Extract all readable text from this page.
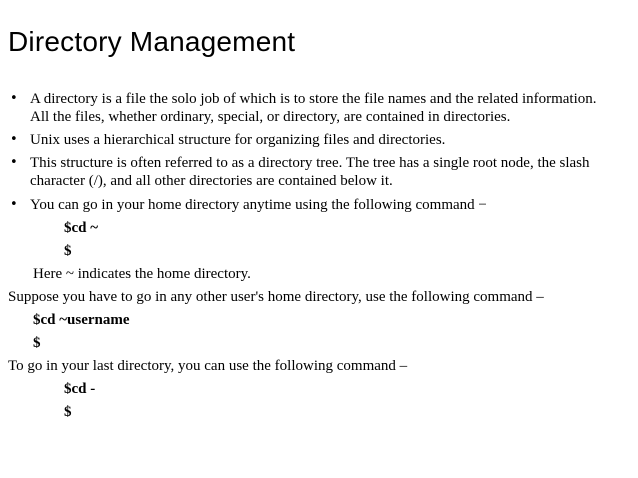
Directory Management
• A directory is a file the solo job of which is to store the file names and the related information.
All the files, whether ordinary, special, or directory, are contained in directories.
• Unix uses a hierarchical structure for organizing files and directories.
• This structure is often referred to as a directory tree. The tree has a single root node, the slash
character (/), and all other directories are contained below it.
• You can go in your home directory anytime using the following command −
$cd ~
$
Here ~ indicates the home directory.
Suppose you have to go in any other user's home directory, use the following command –
$cd ~username
$
To go in your last directory, you can use the following command –
$cd -
$
